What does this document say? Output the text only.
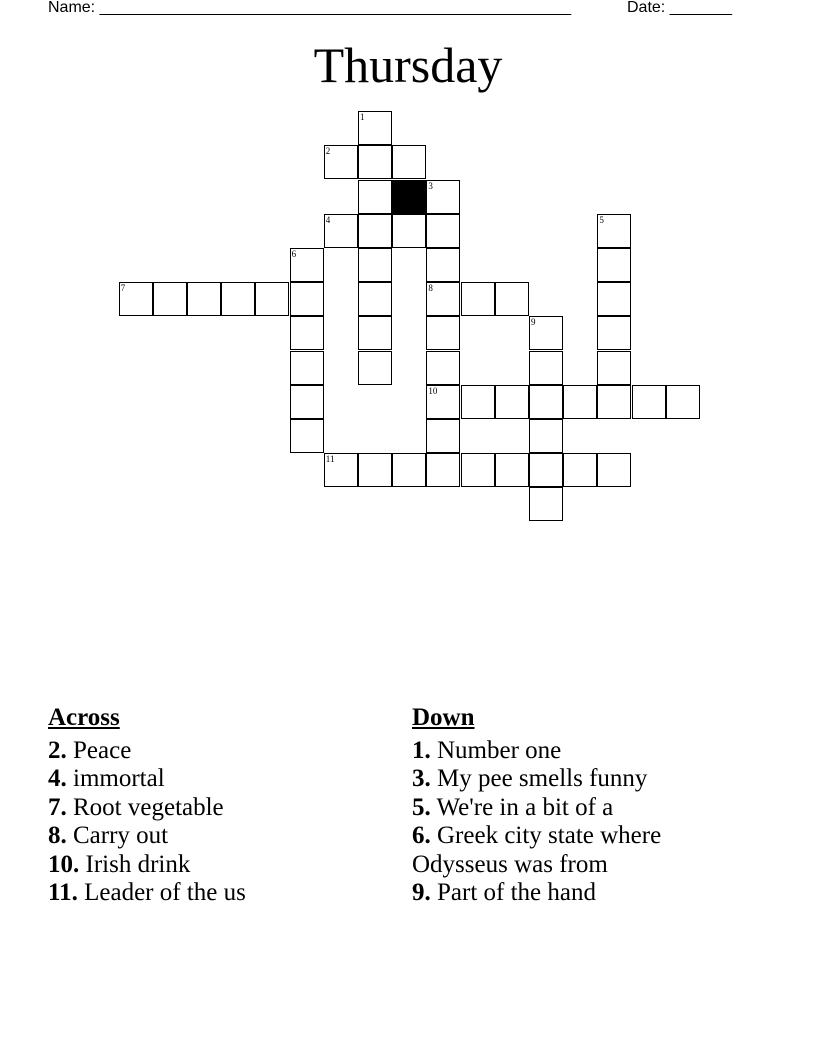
Name: _____________________________________________________	Date: _______
Thursday
1
2
3
4	5
6
7	8
9
10
11
Across
2. Peace
4. immortal
7. Root vegetable
8. Carry out
10. Irish drink
11. Leader of the us
Down
1. Number one
3. My pee smells funny
5. We're in a bit of a
6. Greek city state where Odysseus was from
9. Part of the hand
